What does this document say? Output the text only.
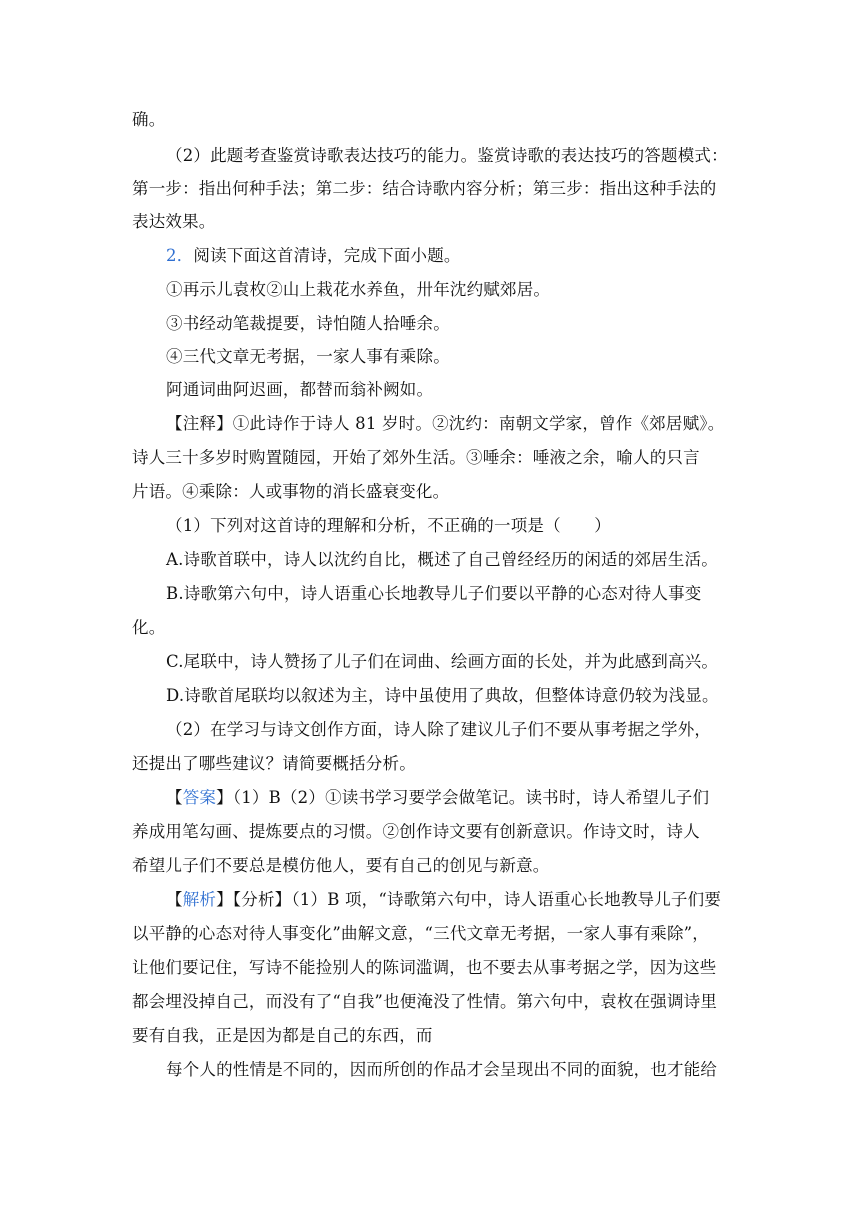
确。
（2）此题考查鉴赏诗歌表达技巧的能力。鉴赏诗歌的表达技巧的答题模式：
第一步：指出何种手法；第二步：结合诗歌内容分析；第三步：指出这种手法的
表达效果。
2．阅读下面这首清诗，完成下面小题。
①再示儿袁枚②山上栽花水养鱼，卅年沈约赋郊居。
③书经动笔裁提要，诗怕随人拾唾余。
④三代文章无考据，一家人事有乘除。
阿通词曲阿迟画，都替而翁补阙如。
【注释】①此诗作于诗人 81 岁时。②沈约：南朝文学家，曾作《郊居赋》。
诗人三十多岁时购置随园，开始了郊外生活。③唾余：唾液之余，喻人的只言
片语。④乘除：人或事物的消长盛衰变化。
（1）下列对这首诗的理解和分析，不正确的一项是（　　）
A.诗歌首联中，诗人以沈约自比，概述了自己曾经经历的闲适的郊居生活。
B.诗歌第六句中，诗人语重心长地教导儿子们要以平静的心态对待人事变
化。
C.尾联中，诗人赞扬了儿子们在词曲、绘画方面的长处，并为此感到高兴。
D.诗歌首尾联均以叙述为主，诗中虽使用了典故，但整体诗意仍较为浅显。
（2）在学习与诗文创作方面，诗人除了建议儿子们不要从事考据之学外，
还提出了哪些建议？请简要概括分析。
【答案】（1）B（2）①读书学习要学会做笔记。读书时，诗人希望儿子们
养成用笔勾画、提炼要点的习惯。②创作诗文要有创新意识。作诗文时，诗人
希望儿子们不要总是模仿他人，要有自己的创见与新意。
【解析】【分析】（1）B 项，“诗歌第六句中，诗人语重心长地教导儿子们要
以平静的心态对待人事变化”曲解文意，“三代文章无考据，一家人事有乘除”，
让他们要记住，写诗不能捡别人的陈词滥调，也不要去从事考据之学，因为这些
都会埋没掉自己，而没有了“自我”也便淹没了性情。第六句中，袁枚在强调诗里
要有自我，正是因为都是自己的东西，而
每个人的性情是不同的，因而所创的作品才会呈现出不同的面貌，也才能给
